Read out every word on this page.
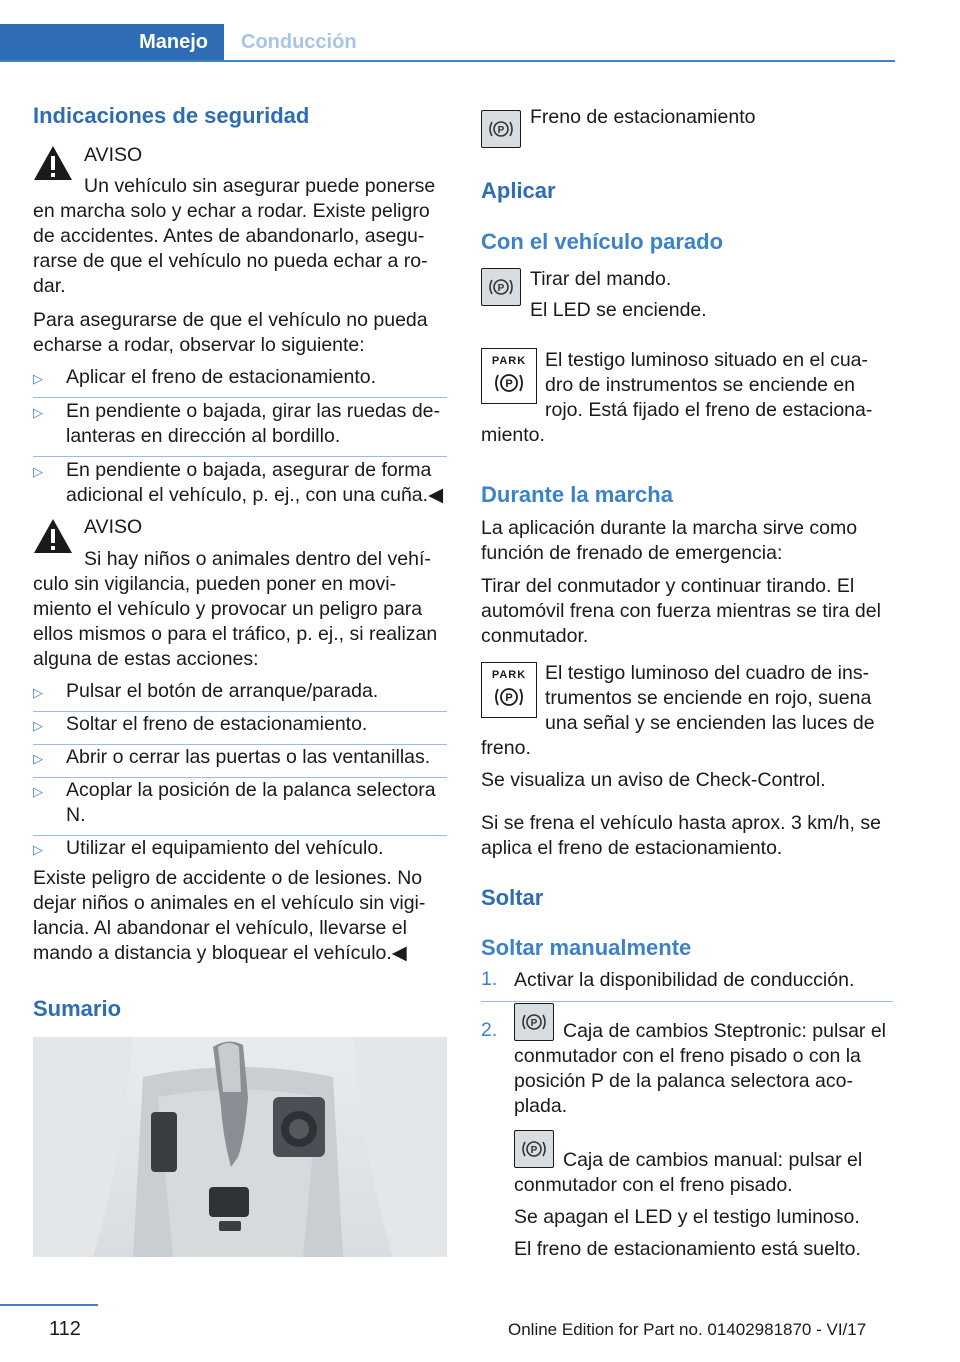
Manejo	Conducción
Indicaciones de seguridad
AVISO
Un vehículo sin asegurar puede ponerse
en marcha solo y echar a rodar. Existe peligro
de accidentes. Antes de abandonarlo, asegu-
rarse de que el vehículo no pueda echar a ro-
dar.
Para asegurarse de que el vehículo no pueda
echarse a rodar, observar lo siguiente:
▷	Aplicar el freno de estacionamiento.
▷	En pendiente o bajada, girar las ruedas de-
lanteras en dirección al bordillo.
▷	En pendiente o bajada, asegurar de forma
adicional el vehículo, p. ej., con una cuña.◀
AVISO
Si hay niños o animales dentro del vehí-
culo sin vigilancia, pueden poner en movi-
miento el vehículo y provocar un peligro para
ellos mismos o para el tráfico, p. ej., si realizan
alguna de estas acciones:
▷	Pulsar el botón de arranque/parada.
▷	Soltar el freno de estacionamiento.
▷	Abrir o cerrar las puertas o las ventanillas.
▷	Acoplar la posición de la palanca selectora
N.
▷	Utilizar el equipamiento del vehículo.
Existe peligro de accidente o de lesiones. No
dejar niños o animales en el vehículo sin vigi-
lancia. Al abandonar el vehículo, llevarse el
mando a distancia y bloquear el vehículo.◀
Sumario
P
Freno de estacionamiento
Aplicar
Con el vehículo parado
P Tirar del mando.
El LED se enciende.
PARK
P
El testigo luminoso situado en el cua-
dro de instrumentos se enciende en
rojo. Está fijado el freno de estaciona-
miento.
Durante la marcha
La aplicación durante la marcha sirve como
función de frenado de emergencia:
Tirar del conmutador y continuar tirando. El
automóvil frena con fuerza mientras se tira del
conmutador.
PARK
P
El testigo luminoso del cuadro de ins-
trumentos se enciende en rojo, suena
una señal y se encienden las luces de
freno.
Se visualiza un aviso de Check-Control.
Si se frena el vehículo hasta aprox. 3 km/h, se
aplica el freno de estacionamiento.
Soltar
Soltar manualmente
1. Activar la disponibilidad de conducción.
2.	P Caja de cambios Steptronic: pulsar el
conmutador con el freno pisado o con la
posición P de la palanca selectora aco-
plada.
P Caja de cambios manual: pulsar el
conmutador con el freno pisado.
Se apagan el LED y el testigo luminoso.
El freno de estacionamiento está suelto.
112	Online Edition for Part no. 01402981870 - VI/17
